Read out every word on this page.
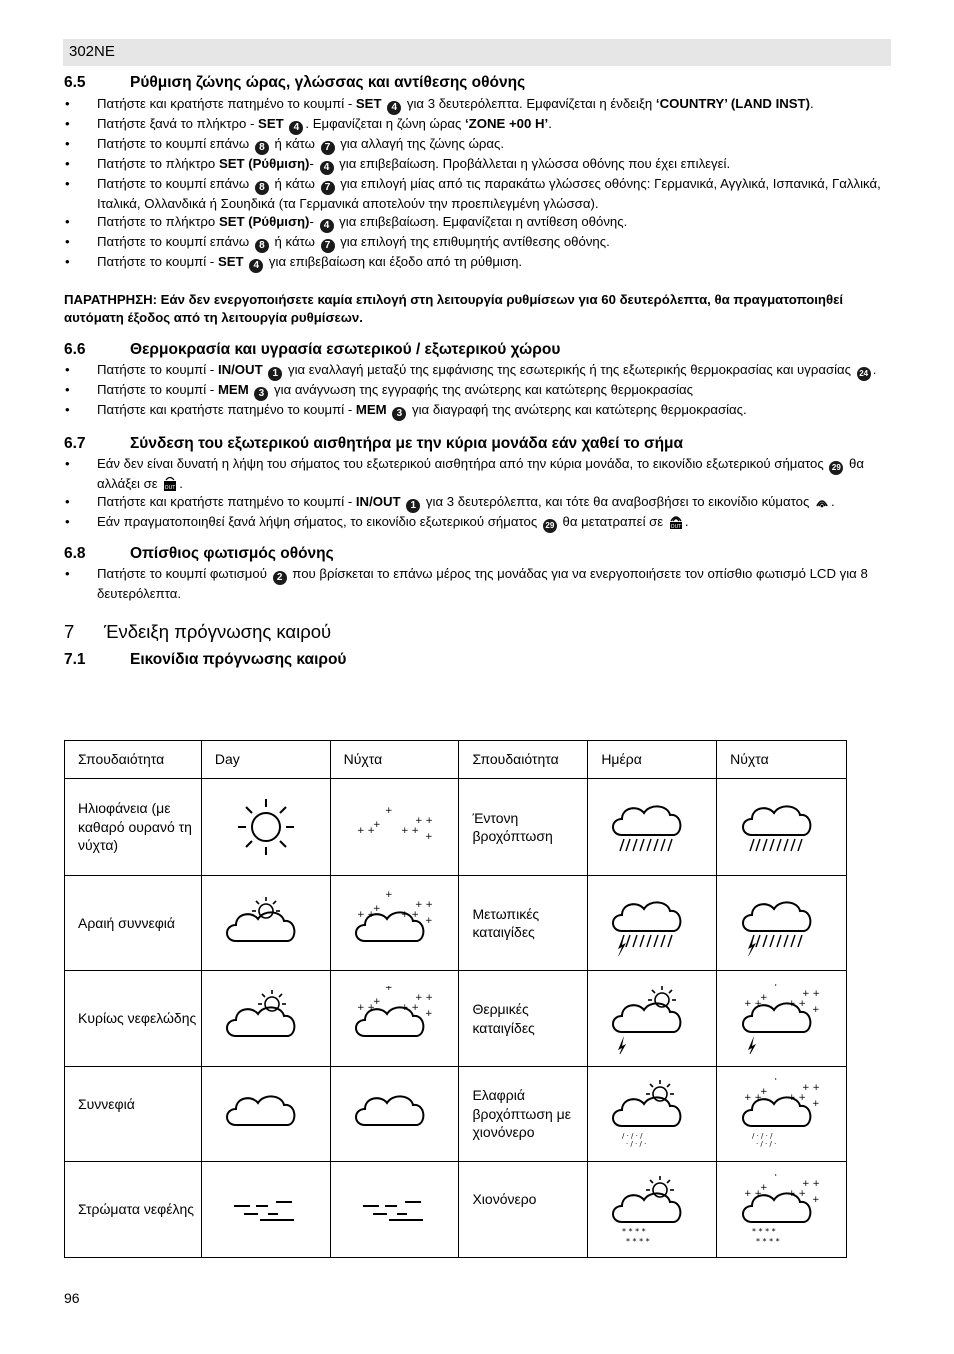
302NE
6.5	Ρύθμιση ζώνης ώρας, γλώσσας και αντίθεσης οθόνης
• Πατήστε και κρατήστε πατημένο το κουμπί - SET 4 για 3 δευτερόλεπτα. Εμφανίζεται η ένδειξη ‘COUNTRY’ (LAND INST).
• Πατήστε ξανά το πλήκτρο - SET 4 . Εμφανίζεται η ζώνη ώρας ‘ZONE +00 H’.
• Πατήστε το κουμπί επάνω 8 ή κάτω 7 για αλλαγή της ζώνης ώρας.
• Πατήστε το πλήκτρο SET (Ρύθμιση)- 4 για επιβεβαίωση. Προβάλλεται η γλώσσα οθόνης που έχει επιλεγεί.
• Πατήστε το κουμπί επάνω 8 ή κάτω 7 για επιλογή μίας από τις παρακάτω γλώσσες οθόνης: Γερμανικά, Αγγλικά, Ισπανικά, Γαλλικά, Ιταλικά, Ολλανδικά ή Σουηδικά (τα Γερμανικά αποτελούν την προεπιλεγμένη γλώσσα).
• Πατήστε το πλήκτρο SET (Ρύθμιση)- 4 για επιβεβαίωση. Εμφανίζεται η αντίθεση οθόνης.
• Πατήστε το κουμπί επάνω 8 ή κάτω 7 για επιλογή της επιθυμητής αντίθεσης οθόνης.
• Πατήστε το κουμπί - SET 4 για επιβεβαίωση και έξοδο από τη ρύθμιση.
ΠΑΡΑΤΗΡΗΣΗ: Εάν δεν ενεργοποιήσετε καμία επιλογή στη λειτουργία ρυθμίσεων για 60 δευτερόλεπτα, θα πραγματοποιηθεί αυτόματη έξοδος από τη λειτουργία ρυθμίσεων.
6.6	Θερμοκρασία και υγρασία εσωτερικού / εξωτερικού χώρου
• Πατήστε το κουμπί - IN/OUT 1 για εναλλαγή μεταξύ της εμφάνισης της εσωτερικής ή της εξωτερικής θερμοκρασίας και υγρασίας 24 .
• Πατήστε το κουμπί - MEM 3 για ανάγνωση της εγγραφής της ανώτερης και κατώτερης θερμοκρασίας
• Πατήστε και κρατήστε πατημένο το κουμπί - MEM 3 για διαγραφή της ανώτερης και κατώτερης θερμοκρασίας.
6.7	Σύνδεση του εξωτερικού αισθητήρα με την κύρια μονάδα εάν χαθεί το σήμα
• Εάν δεν είναι δυνατή η λήψη του σήματος του εξωτερικού αισθητήρα από την κύρια μονάδα, το εικονίδιο εξωτερικού σήματος 29 θα αλλάξει σε OUT .
• Πατήστε και κρατήστε πατημένο το κουμπί - IN/OUT 1 για 3 δευτερόλεπτα, και τότε θα αναβοσβήσει το εικονίδιο κύματος .
• Εάν πραγματοποιηθεί ξανά λήψη σήματος, το εικονίδιο εξωτερικού σήματος 29 θα μετατραπεί σε OUT .
6.8	Οπίσθιος φωτισμός οθόνης
• Πατήστε το κουμπί φωτισμού 2 που βρίσκεται το επάνω μέρος της μονάδας για να ενεργοποιήσετε τον οπίσθιο φωτισμό LCD για 8 δευτερόλεπτα.
7 Ένδειξη πρόγνωσης καιρού
7.1	Εικονίδια πρόγνωσης καιρού
Σπουδαιότητα	Day	Νύχτα	Σπουδαιότητα	Ημέρα	Νύχτα
Ηλιοφάνεια (με καθαρό ουρανό τη νύχτα)			Έντονη βροχόπτωση	

Αραιή συννεφιά			Μετωπικές καταιγίδες	

Κυρίως νεφελώδης			Θερμικές καταιγίδες	

Συννεφιά			Ελαφριά βροχόπτωση με χιονόνερο	

Στρώματα νεφέλης			Χιονόνερο	

96
